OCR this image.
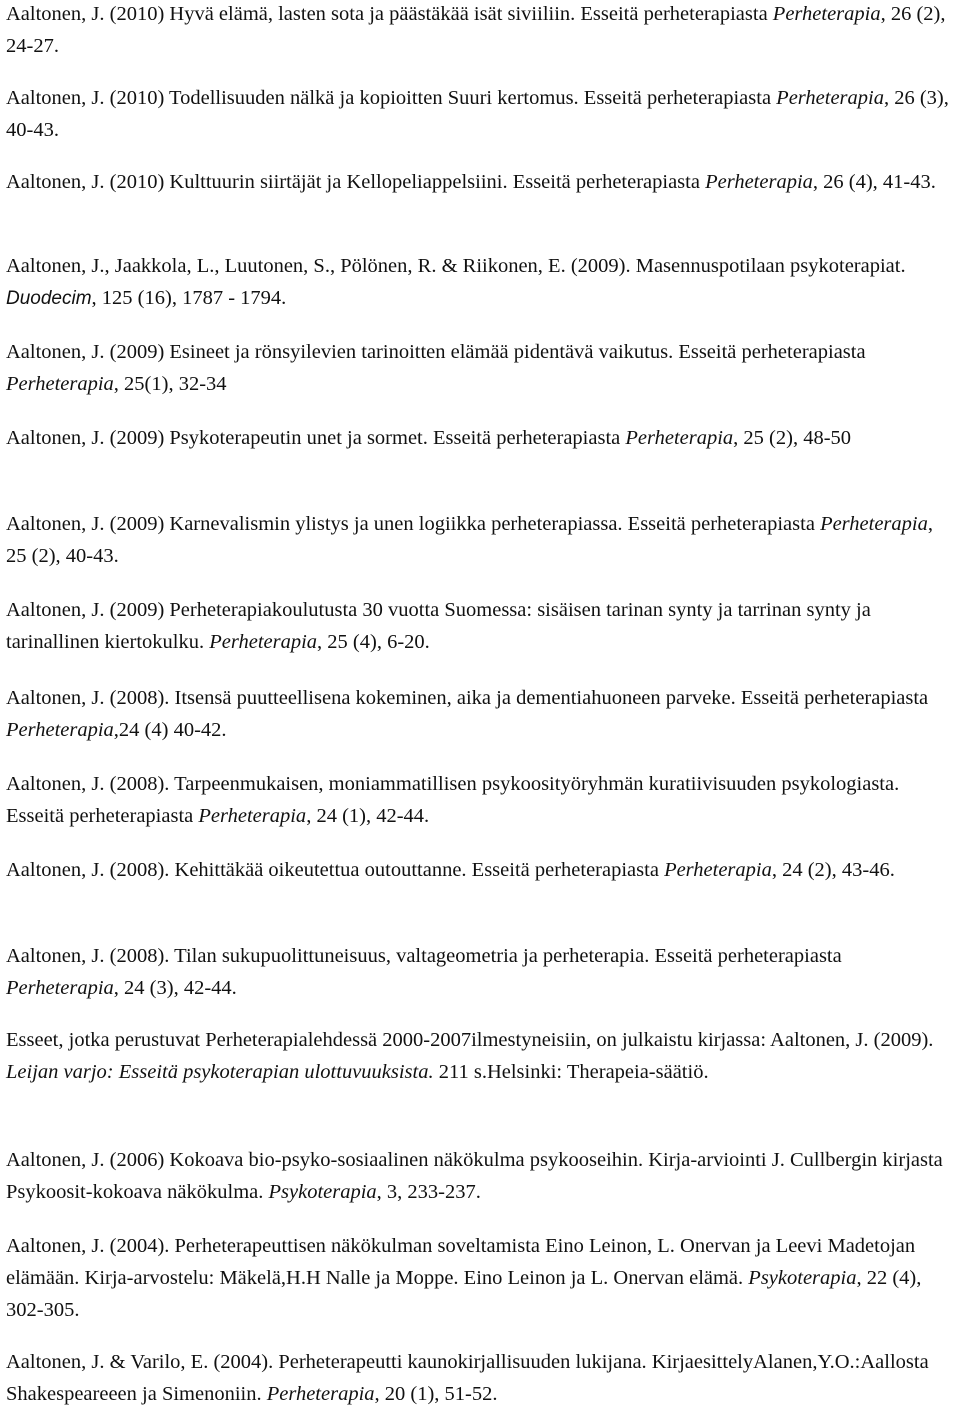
Aaltonen, J. (2010) Hyvä elämä, lasten sota ja päästäkää isät siviiliin. Esseitä perheterapiasta Perheterapia, 26 (2), 24-27.

Aaltonen, J. (2010) Todellisuuden nälkä ja kopioitten Suuri kertomus. Esseitä perheterapiasta Perheterapia, 26 (3), 40-43.

Aaltonen, J. (2010) Kulttuurin siirtäjät ja Kellopeliappelsiini. Esseitä perheterapiasta Perheterapia, 26 (4), 41-43.

Aaltonen, J., Jaakkola, L., Luutonen, S., Pölönen, R. & Riikonen, E. (2009). Masennuspotilaan psykoterapiat. Duodecim, 125 (16), 1787 - 1794.

Aaltonen, J. (2009) Esineet ja rönsyilevien tarinoitten elämää pidentävä vaikutus. Esseitä perheterapiasta Perheterapia, 25(1), 32-34

Aaltonen, J. (2009) Psykoterapeutin unet ja sormet. Esseitä perheterapiasta Perheterapia, 25 (2), 48-50

Aaltonen, J. (2009) Karnevalismin ylistys ja unen logiikka perheterapiassa. Esseitä perheterapiasta Perheterapia, 25 (2), 40-43.

Aaltonen, J. (2009) Perheterapiakoulutusta 30 vuotta Suomessa: sisäisen tarinan synty ja tarrinan synty ja tarinallinen kiertokulku. Perheterapia, 25 (4), 6-20.

Aaltonen, J. (2008). Itsensä puutteellisena kokeminen, aika ja dementiahuoneen parveke. Esseitä perheterapiasta Perheterapia,24 (4) 40-42.

Aaltonen, J. (2008). Tarpeenmukaisen, moniammatillisen psykoosityöryhmän kuratiivisuuden psykologiasta. Esseitä perheterapiasta Perheterapia, 24 (1), 42-44.

Aaltonen, J. (2008). Kehittäkää oikeutettua outouttanne. Esseitä perheterapiasta Perheterapia, 24 (2), 43-46.

Aaltonen, J. (2008). Tilan sukupuolittuneisuus, valtageometria ja perheterapia. Esseitä perheterapiasta Perheterapia, 24 (3), 42-44.

Esseet, jotka perustuvat Perheterapialehdessä 2000-2007ilmestyneisiin, on julkaistu kirjassa: Aaltonen, J. (2009). Leijan varjo: Esseitä psykoterapian ulottuvuuksista. 211 s.Helsinki: Therapeia-säätiö.

Aaltonen, J. (2006) Kokoava bio-psyko-sosiaalinen näkökulma psykooseihin. Kirja-arviointi J. Cullbergin kirjasta Psykoosit-kokoava näkökulma. Psykoterapia, 3, 233-237.

Aaltonen, J. (2004). Perheterapeuttisen näkökulman soveltamista Eino Leinon, L. Onervan ja Leevi Madetojan elämään. Kirja-arvostelu: Mäkelä,H.H Nalle ja Moppe. Eino Leinon ja L. Onervan elämä. Psykoterapia, 22 (4), 302-305.

Aaltonen, J. & Varilo, E. (2004). Perheterapeutti kaunokirjallisuuden lukijana. KirjaesittelyAlanen,Y.O.:Aallosta Shakespeareeen ja Simenoniin. Perheterapia, 20 (1), 51-52.
